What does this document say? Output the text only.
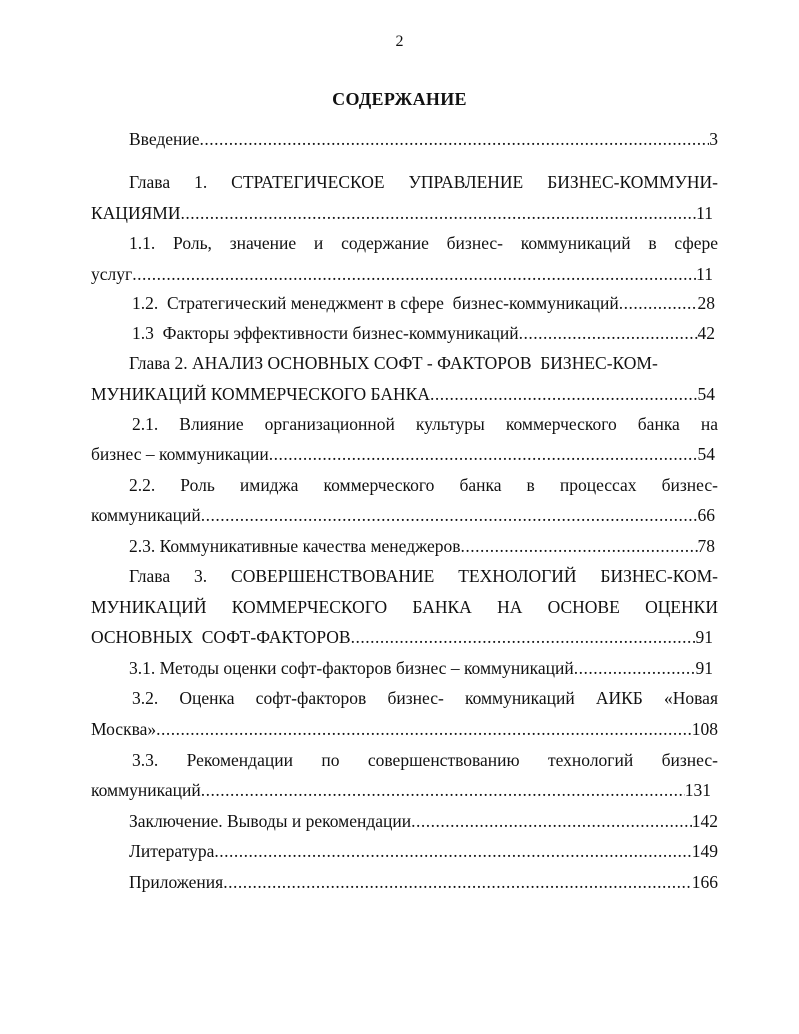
2
СОДЕРЖАНИЕ
Введение .....	3
Глава 1. СТРАТЕГИЧЕСКОЕ УПРАВЛЕНИЕ БИЗНЕС-КОММУНИ-
КАЦИЯМИ .....	11
1.1. Роль, значение и содержание бизнес- коммуникаций в сфере
услуг .....	11
1.2.  Стратегический менеджмент в сфере  бизнес-коммуникаций .....	28
1.3  Факторы эффективности бизнес-коммуникаций .....	42
Глава 2. АНАЛИЗ ОСНОВНЫХ СОФТ - ФАКТОРОВ  БИЗНЕС-КОМ-
МУНИКАЦИЙ КОММЕРЧЕСКОГО БАНКА .....	54
2.1. Влияние организационной культуры коммерческого банка на
бизнес – коммуникации .....	54
2.2. Роль имиджа коммерческого банка в процессах бизнес-
коммуникаций .....	66
2.3. Коммуникативные качества менеджеров .....	78
Глава 3. СОВЕРШЕНСТВОВАНИЕ ТЕХНОЛОГИЙ БИЗНЕС-КОМ-
МУНИКАЦИЙ КОММЕРЧЕСКОГО БАНКА НА ОСНОВЕ ОЦЕНКИ
ОСНОВНЫХ  СОФТ-ФАКТОРОВ .....	91
3.1. Методы оценки софт-факторов бизнес – коммуникаций .....	91
3.2. Оценка софт-факторов бизнес- коммуникаций АИКБ «Новая
Москва» .....	108
3.3. Рекомендации по совершенствованию технологий бизнес-
коммуникаций .....	131
Заключение. Выводы и рекомендации .....	142
Литература .....	149
Приложения .....	166
